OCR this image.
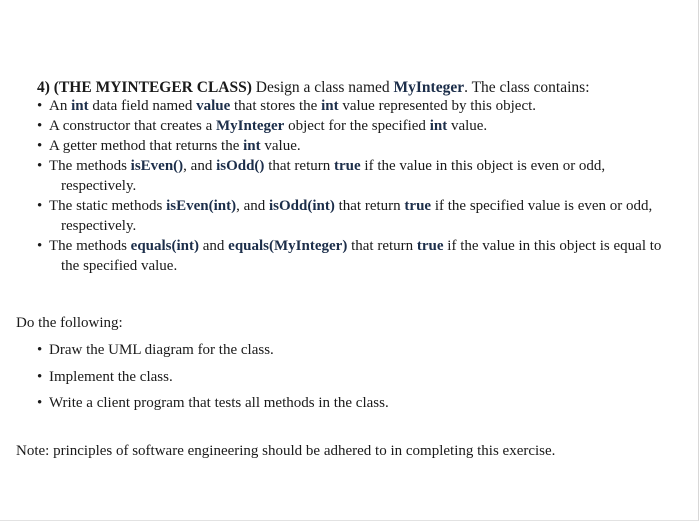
4) (THE MYINTEGER CLASS) Design a class named MyInteger. The class contains:
• An int data field named value that stores the int value represented by this object.
• A constructor that creates a MyInteger object for the specified int value.
• A getter method that returns the int value.
• The methods isEven(), and isOdd() that return true if the value in this object is even or odd,
respectively.
• The static methods isEven(int), and isOdd(int) that return true if the specified value is even or odd,
respectively.
• The methods equals(int) and equals(MyInteger) that return true if the value in this object is equal to
the specified value.
Do the following:
• Draw the UML diagram for the class.
• Implement the class.
• Write a client program that tests all methods in the class.
Note: principles of software engineering should be adhered to in completing this exercise.
